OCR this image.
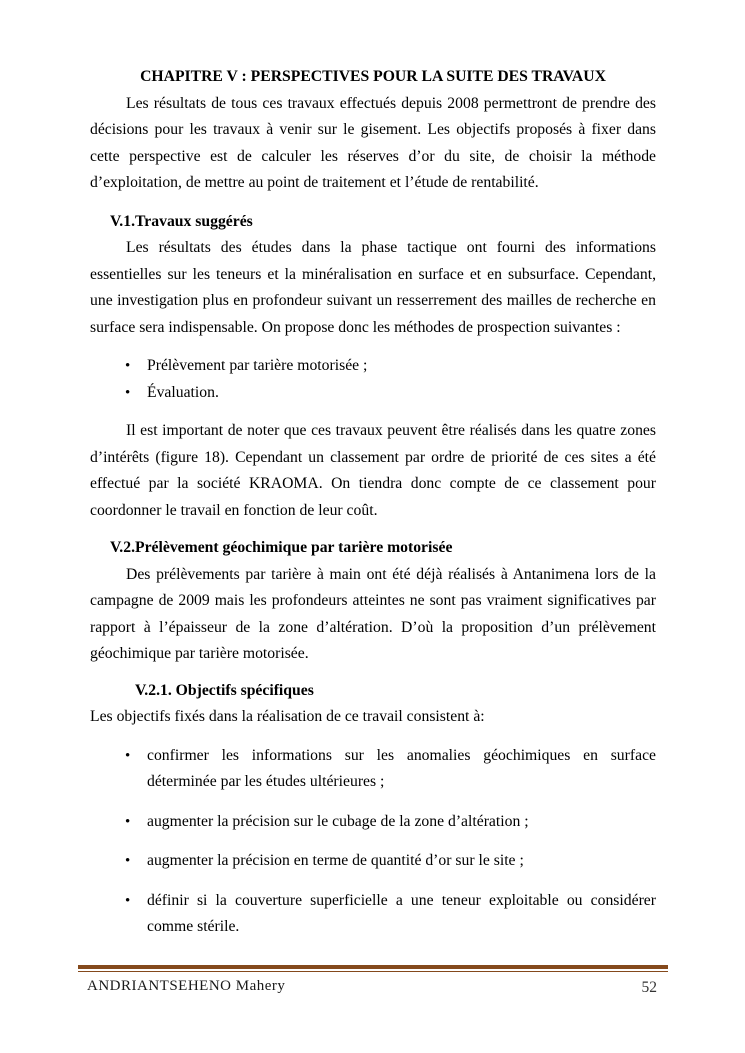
CHAPITRE V : PERSPECTIVES POUR LA SUITE DES TRAVAUX

Les résultats de tous ces travaux effectués depuis 2008 permettront de prendre des décisions pour les travaux à venir sur le gisement. Les objectifs proposés à fixer dans cette perspective est de calculer les réserves d’or du site, de choisir la méthode d’exploitation, de mettre au point de traitement et l’étude de rentabilité.

V.1.Travaux suggérés

Les résultats des études dans la phase tactique ont fourni des informations essentielles sur les teneurs et la minéralisation en surface et en subsurface. Cependant, une investigation plus en profondeur suivant un resserrement des mailles de recherche en surface sera indispensable. On propose donc les méthodes de prospection suivantes :

• Prélèvement par tarière motorisée ;
• Évaluation.

Il est important de noter que ces travaux peuvent être réalisés dans les quatre zones d’intérêts (figure 18). Cependant un classement par ordre de priorité de ces sites a été effectué par la société KRAOMA. On tiendra donc compte de ce classement pour coordonner le travail en fonction de leur coût.

V.2.Prélèvement géochimique par tarière motorisée

Des prélèvements par tarière à main ont été déjà réalisés à Antanimena lors de la campagne de 2009 mais les profondeurs atteintes ne sont pas vraiment significatives par rapport à l’épaisseur de la zone d’altération. D’où la proposition d’un prélèvement géochimique par tarière motorisée.

V.2.1. Objectifs spécifiques

Les objectifs fixés dans la réalisation de ce travail consistent à:

• confirmer les informations sur les anomalies géochimiques en surface déterminée par les études ultérieures ;
• augmenter la précision sur le cubage de la zone d’altération ;
• augmenter la précision en terme de quantité d’or sur le site ;
• définir si la couverture superficielle a une teneur exploitable ou considérer comme stérile.
ANDRIANTSEHENO Mahery	52
